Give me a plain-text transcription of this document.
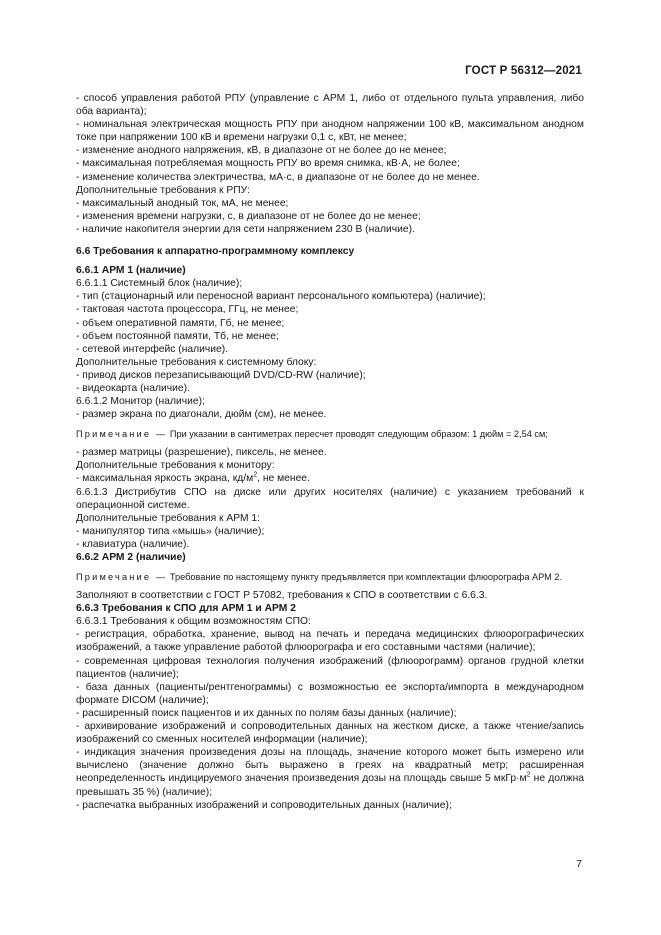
ГОСТ Р 56312—2021

- способ управления работой РПУ (управление с АРМ 1, либо от отдельного пульта управления, либо оба варианта);

- номинальная электрическая мощность РПУ при анодном напряжении 100 кВ, максимальном анодном токе при напряжении 100 кВ и времени нагрузки 0,1 с, кВт, не менее;

- изменение анодного напряжения, кВ, в диапазоне от не более до не менее;

- максимальная потребляемая мощность РПУ во время снимка, кВ·А, не более;

- изменение количества электричества, мА·с, в диапазоне от не более до не менее.

Дополнительные требования к РПУ:

- максимальный анодный ток, мА, не менее;

- изменения времени нагрузки, с, в диапазоне от не более до не менее;

- наличие накопителя энергии для сети напряжением 230 В (наличие).

6.6 Требования к аппаратно-программному комплексу

6.6.1 АРМ 1 (наличие)

6.6.1.1 Системный блок (наличие);

- тип (стационарный или переносной вариант персонального компьютера) (наличие);

- тактовая частота процессора, ГГц, не менее;

- объем оперативной памяти, Гб, не менее;

- объем постоянной памяти, Тб, не менее;

- сетевой интерфейс (наличие).

Дополнительные требования к системному блоку:

- привод дисков перезаписывающий DVD/CD-RW (наличие);

- видеокарта (наличие).

6.6.1.2 Монитор (наличие);

- размер экрана по диагонали, дюйм (см), не менее.

Примечание — При указании в сантиметрах пересчет проводят следующим образом: 1 дюйм = 2,54 см;

- размер матрицы (разрешение), пиксель, не менее.

Дополнительные требования к монитору:

- максимальная яркость экрана, $кд/м^2$, не менее.

6.6.1.3 Дистрибутив СПО на диске или других носителях (наличие) с указанием требований к операционной системе.

Дополнительные требования к АРМ 1:

- манипулятор типа «мышь» (наличие);

- клавиатура (наличие).

6.6.2 АРМ 2 (наличие)

Примечание — Требование по настоящему пункту предъявляется при комплектации флюорографа АРМ 2.

Заполняют в соответствии с ГОСТ Р 57082, требования к СПО в соответствии с 6.6.3.

6.6.3 Требования к СПО для АРМ 1 и АРМ 2

6.6.3.1 Требования к общим возможностям СПО:

- регистрация, обработка, хранение, вывод на печать и передача медицинских флюорографических изображений, а также управление работой флюорографа и его составными частями (наличие);

- современная цифровая технология получения изображений (флюорограмм) органов грудной клетки пациентов (наличие);

- база данных (пациенты/рентгенограммы) с возможностью ее экспорта/импорта в международном формате DICOM (наличие);

- расширенный поиск пациентов и их данных по полям базы данных (наличие);

- архивирование изображений и сопроводительных данных на жестком диске, а также чтение/запись изображений со сменных носителей информации (наличие);

- индикация значения произведения дозы на площадь, значение которого может быть измерено или вычислено (значение должно быть выражено в греях на квадратный метр; расширенная неопределенность индицируемого значения произведения дозы на площадь свыше 5 $мкГр\cdot м^2$ не должна превышать 35 %) (наличие);

- распечатка выбранных изображений и сопроводительных данных (наличие);

7
